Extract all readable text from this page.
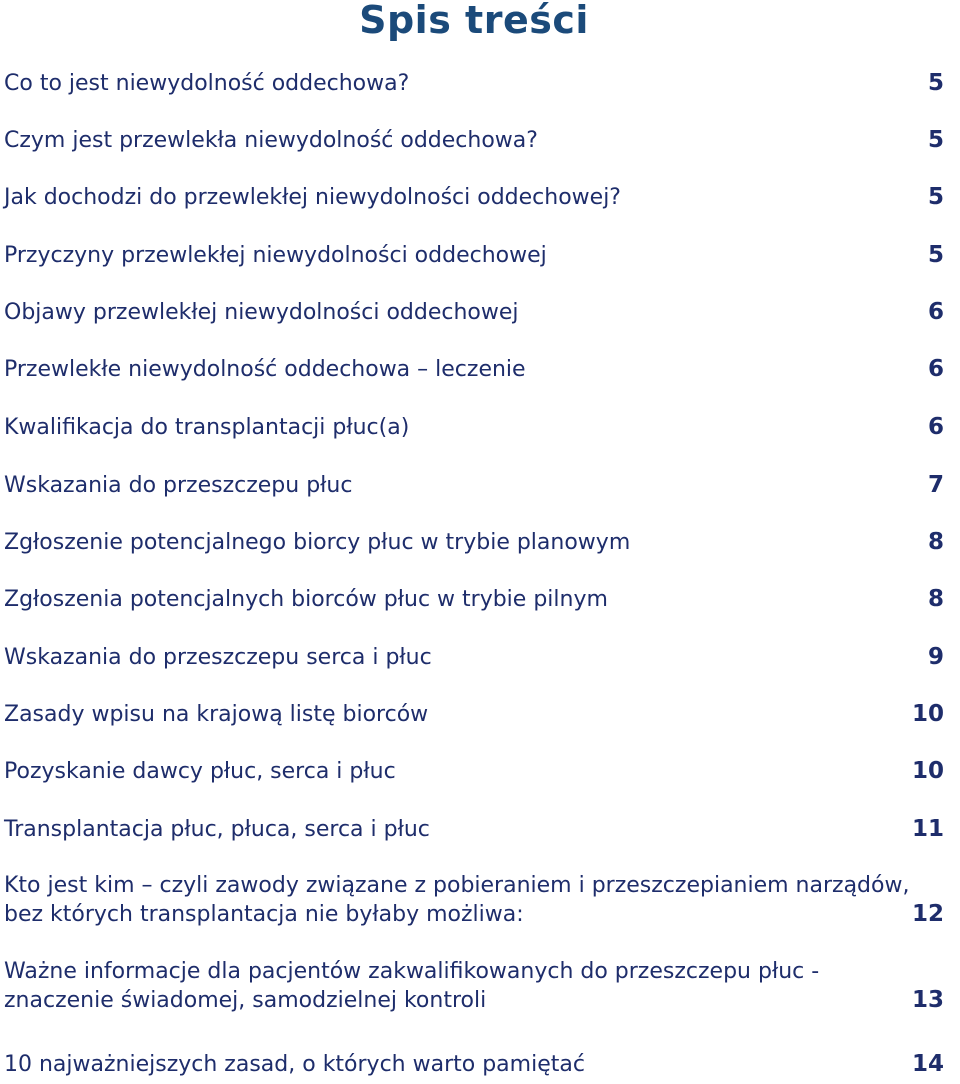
Spis treści
Co to jest niewydolność oddechowa?	5
Czym jest przewlekła niewydolność oddechowa?	5
Jak dochodzi do przewlekłej niewydolności oddechowej?	5
Przyczyny przewlekłej niewydolności oddechowej	5
Objawy przewlekłej niewydolności oddechowej	6
Przewlekłe niewydolność oddechowa – leczenie	6
Kwalifikacja do transplantacji płuc(a)	6
Wskazania do przeszczepu płuc	7
Zgłoszenie potencjalnego biorcy płuc w trybie planowym	8
Zgłoszenia potencjalnych biorców płuc w trybie pilnym	8
Wskazania do przeszczepu serca i płuc	9
Zasady wpisu na krajową listę biorców	10
Pozyskanie dawcy płuc, serca i płuc	10
Transplantacja płuc, płuca, serca i płuc	11
Kto jest kim – czyli zawody związane z pobieraniem i przeszczepianiem narządów,
bez których transplantacja nie byłaby możliwa:	12
Ważne informacje dla pacjentów zakwalifikowanych do przeszczepu płuc -
znaczenie świadomej, samodzielnej kontroli	13
10 najważniejszych zasad, o których warto pamiętać	14
